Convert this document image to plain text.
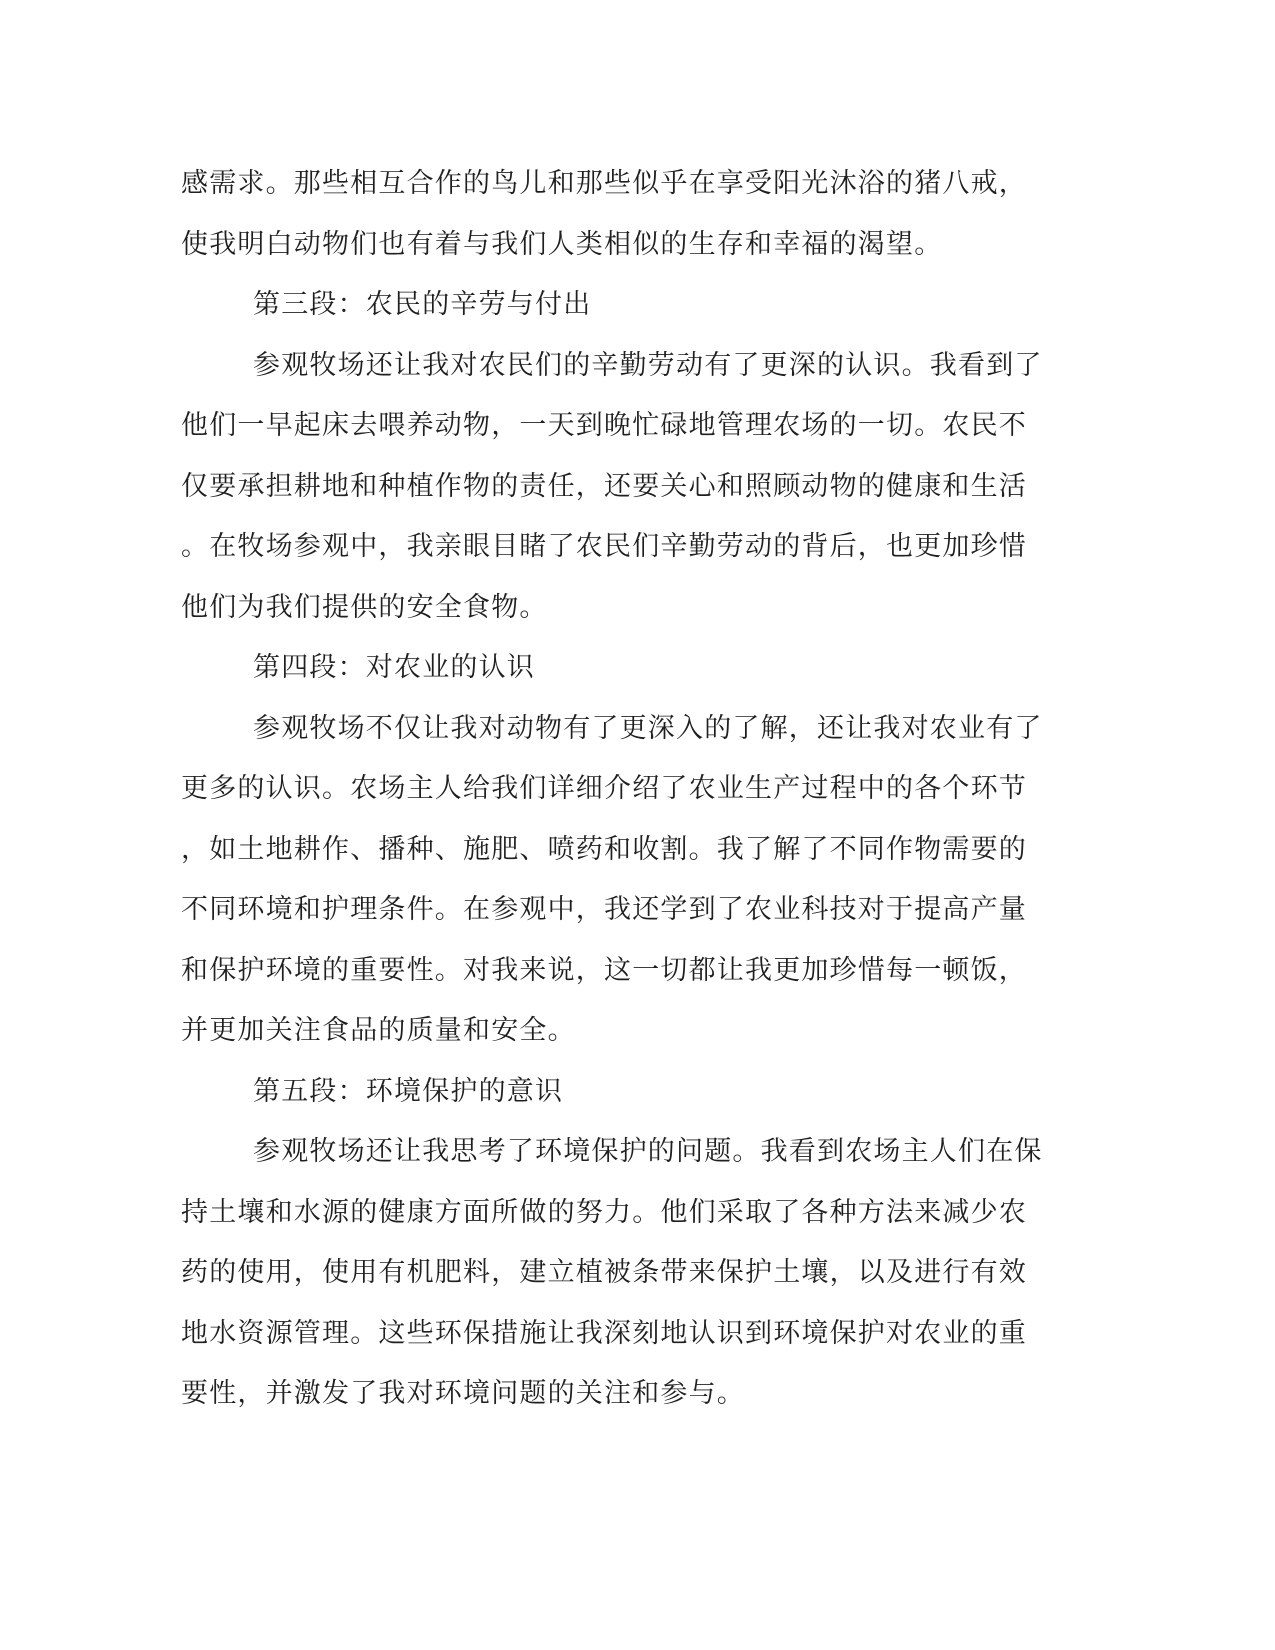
感需求。那些相互合作的鸟儿和那些似乎在享受阳光沐浴的猪八戒，
使我明白动物们也有着与我们人类相似的生存和幸福的渴望。
第三段：农民的辛劳与付出
参观牧场还让我对农民们的辛勤劳动有了更深的认识。我看到了
他们一早起床去喂养动物，一天到晚忙碌地管理农场的一切。农民不
仅要承担耕地和种植作物的责任，还要关心和照顾动物的健康和生活
。在牧场参观中，我亲眼目睹了农民们辛勤劳动的背后，也更加珍惜
他们为我们提供的安全食物。
第四段：对农业的认识
参观牧场不仅让我对动物有了更深入的了解，还让我对农业有了
更多的认识。农场主人给我们详细介绍了农业生产过程中的各个环节
，如土地耕作、播种、施肥、喷药和收割。我了解了不同作物需要的
不同环境和护理条件。在参观中，我还学到了农业科技对于提高产量
和保护环境的重要性。对我来说，这一切都让我更加珍惜每一顿饭，
并更加关注食品的质量和安全。
第五段：环境保护的意识
参观牧场还让我思考了环境保护的问题。我看到农场主人们在保
持土壤和水源的健康方面所做的努力。他们采取了各种方法来减少农
药的使用，使用有机肥料，建立植被条带来保护土壤，以及进行有效
地水资源管理。这些环保措施让我深刻地认识到环境保护对农业的重
要性，并激发了我对环境问题的关注和参与。
